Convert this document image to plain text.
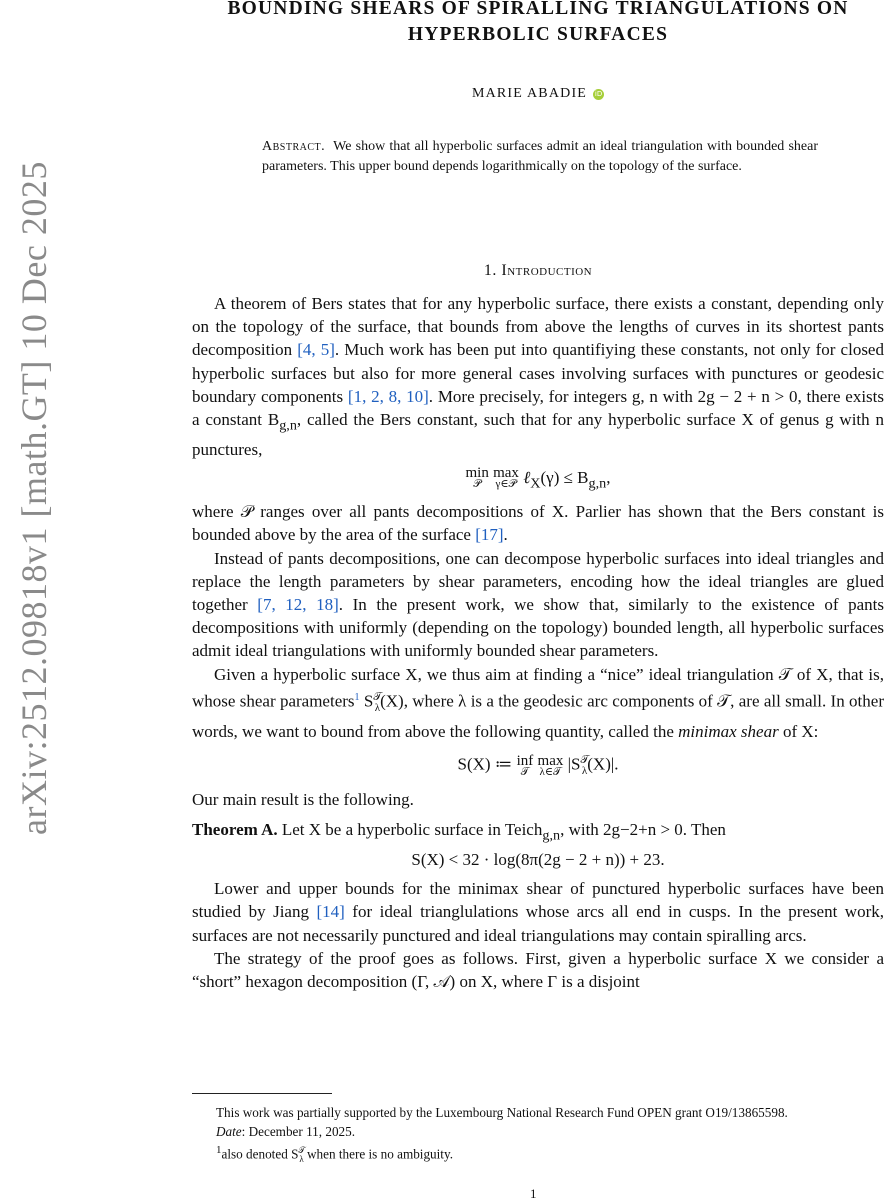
arXiv:2512.09818v1 [math.GT] 10 Dec 2025
BOUNDING SHEARS OF SPIRALLING TRIANGULATIONS ON
HYPERBOLIC SURFACES
MARIE ABADIE iD
Abstract. We show that all hyperbolic surfaces admit an ideal triangulation with bounded shear parameters. This upper bound depends logarithmically on the topology of the surface.
1. Introduction

A theorem of Bers states that for any hyperbolic surface, there exists a constant, depending only on the topology of the surface, that bounds from above the lengths of curves in its shortest pants decomposition [4, 5]. Much work has been put into quantifiying these constants, not only for closed hyperbolic surfaces but also for more general cases involving surfaces with punctures or geodesic boundary components [1, 2, 8, 10]. More precisely, for integers g, n with 2g − 2 + n > 0, there exists a constant $B_{g,n}$, called the Bers constant, such that for any hyperbolic surface X of genus g with n punctures,

min
𝒫
max
γ∈𝒫 ℓ$_X$(γ) ≤ $B_{g,n}$,

where 𝒫 ranges over all pants decompositions of X. Parlier has shown that the Bers constant is bounded above by the area of the surface [17].

Instead of pants decompositions, one can decompose hyperbolic surfaces into ideal triangles and replace the length parameters by shear parameters, encoding how the ideal triangles are glued together [7, 12, 18]. In the present work, we show that, similarly to the existence of pants decompositions with uniformly (depending on the topology) bounded length, all hyperbolic surfaces admit ideal triangulations with uniformly bounded shear parameters.

Given a hyperbolic surface X, we thus aim at finding a “nice” ideal triangulation 𝒯 of X, that is, whose shear parameters$^1$ $S^𝒯_\lambda(X)$, where λ is a the geodesic arc components of 𝒯, are all small. In other words, we want to bound from above the following quantity, called the minimax shear of X:

S(X) ≔ inf
𝒯
max
λ∈𝒯 $|S^𝒯_\lambda(X)|$.

Our main result is the following.

Theorem A. Let X be a hyperbolic surface in Teich$_{g,n}$, with 2g−2+n > 0. Then

S(X) < 32 · log(8π(2g − 2 + n)) + 23.

Lower and upper bounds for the minimax shear of punctured hyperbolic surfaces have been studied by Jiang [14] for ideal trianglulations whose arcs all end in cusps. In the present work, surfaces are not necessarily punctured and ideal triangulations may contain spiralling arcs.

The strategy of the proof goes as follows. First, given a hyperbolic surface X we consider a “short” hexagon decomposition (Γ, 𝒜) on X, where Γ is a disjoint

This work was partially supported by the Luxembourg National Research Fund OPEN grant O19/13865598.

Date: December 11, 2025.

$^1$also denoted $S^𝒯_\lambda$ when there is no ambiguity.

1
